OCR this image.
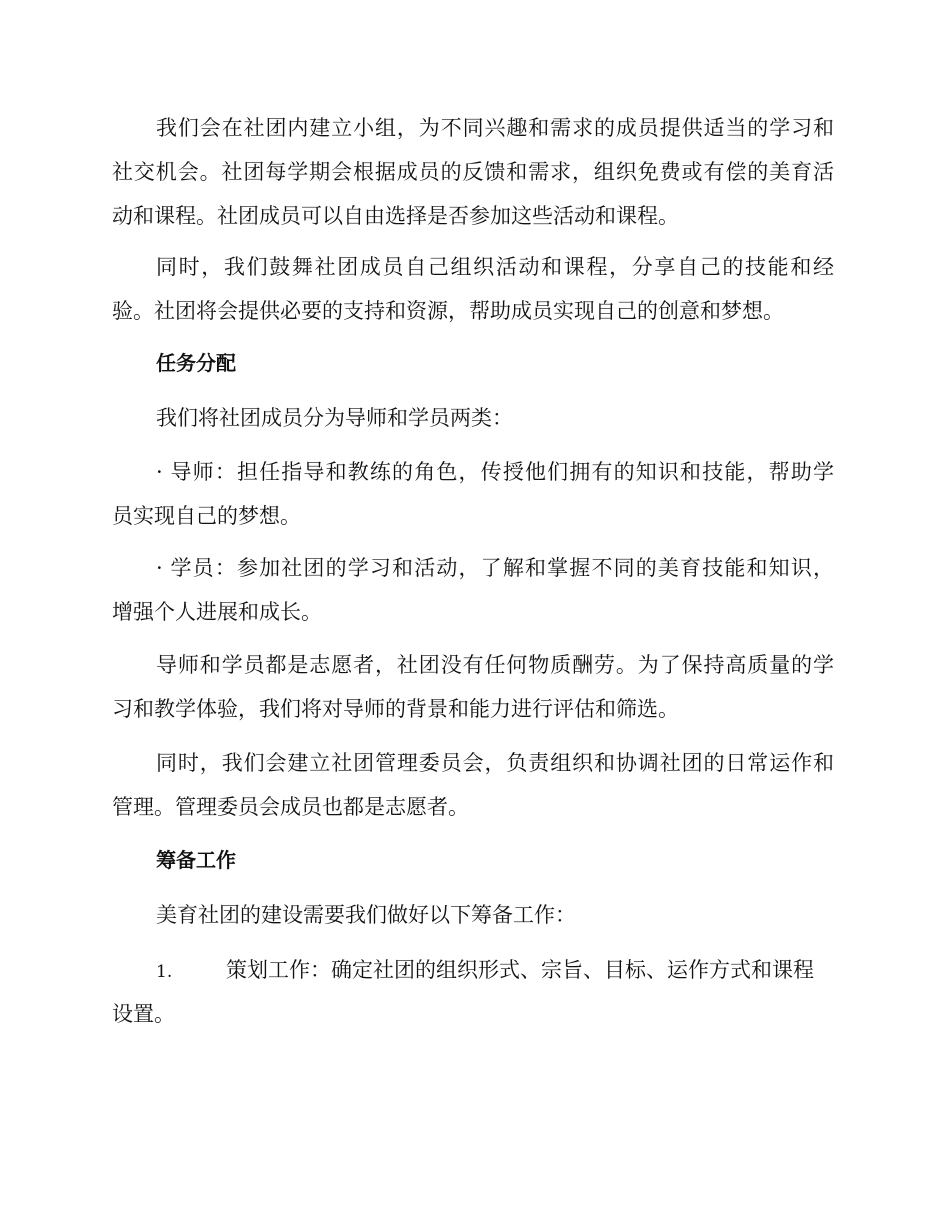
我们会在社团内建立小组，为不同兴趣和需求的成员提供适当的学习和
社交机会。社团每学期会根据成员的反馈和需求，组织免费或有偿的美育活
动和课程。社团成员可以自由选择是否参加这些活动和课程。
同时，我们鼓舞社团成员自己组织活动和课程，分享自己的技能和经
验。社团将会提供必要的支持和资源，帮助成员实现自己的创意和梦想。
任务分配
我们将社团成员分为导师和学员两类：
· 导师：担任指导和教练的角色，传授他们拥有的知识和技能，帮助学
员实现自己的梦想。
· 学员：参加社团的学习和活动，了解和掌握不同的美育技能和知识，
增强个人进展和成长。
导师和学员都是志愿者，社团没有任何物质酬劳。为了保持高质量的学
习和教学体验，我们将对导师的背景和能力进行评估和筛选。
同时，我们会建立社团管理委员会，负责组织和协调社团的日常运作和
管理。管理委员会成员也都是志愿者。
筹备工作
美育社团的建设需要我们做好以下筹备工作：
1.	策划工作：确定社团的组织形式、宗旨、目标、运作方式和课程
设置。
